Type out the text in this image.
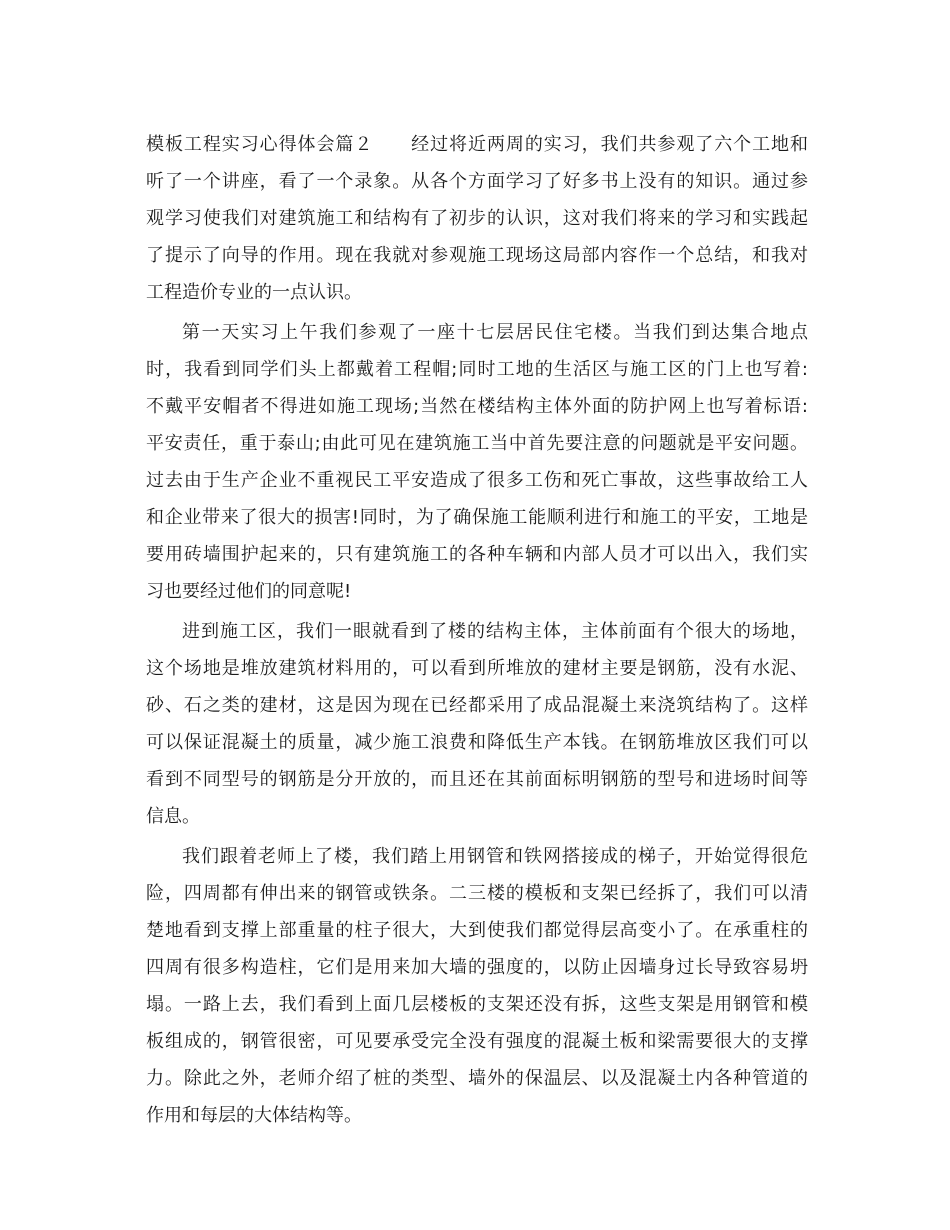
模板工程实习心得体会篇２　　经过将近两周的实习，我们共参观了六个工地和
听了一个讲座，看了一个录象。从各个方面学习了好多书上没有的知识。通过参
观学习使我们对建筑施工和结构有了初步的认识，这对我们将来的学习和实践起
了提示了向导的作用。现在我就对参观施工现场这局部内容作一个总结，和我对
工程造价专业的一点认识。
第一天实习上午我们参观了一座十七层居民住宅楼。当我们到达集合地点
时，我看到同学们头上都戴着工程帽;同时工地的生活区与施工区的门上也写着:
不戴平安帽者不得进如施工现场;当然在楼结构主体外面的防护网上也写着标语:
平安责任，重于泰山;由此可见在建筑施工当中首先要注意的问题就是平安问题。
过去由于生产企业不重视民工平安造成了很多工伤和死亡事故，这些事故给工人
和企业带来了很大的损害!同时，为了确保施工能顺利进行和施工的平安，工地是
要用砖墙围护起来的，只有建筑施工的各种车辆和内部人员才可以出入，我们实
习也要经过他们的同意呢!
进到施工区，我们一眼就看到了楼的结构主体，主体前面有个很大的场地，
这个场地是堆放建筑材料用的，可以看到所堆放的建材主要是钢筋，没有水泥、
砂、石之类的建材，这是因为现在已经都采用了成品混凝土来浇筑结构了。这样
可以保证混凝土的质量，减少施工浪费和降低生产本钱。在钢筋堆放区我们可以
看到不同型号的钢筋是分开放的，而且还在其前面标明钢筋的型号和进场时间等
信息。
我们跟着老师上了楼，我们踏上用钢管和铁网搭接成的梯子，开始觉得很危
险，四周都有伸出来的钢管或铁条。二三楼的模板和支架已经拆了，我们可以清
楚地看到支撑上部重量的柱子很大，大到使我们都觉得层高变小了。在承重柱的
四周有很多构造柱，它们是用来加大墙的强度的，以防止因墙身过长导致容易坍
塌。一路上去，我们看到上面几层楼板的支架还没有拆，这些支架是用钢管和模
板组成的，钢管很密，可见要承受完全没有强度的混凝土板和梁需要很大的支撑
力。除此之外，老师介绍了桩的类型、墙外的保温层、以及混凝土内各种管道的
作用和每层的大体结构等。
